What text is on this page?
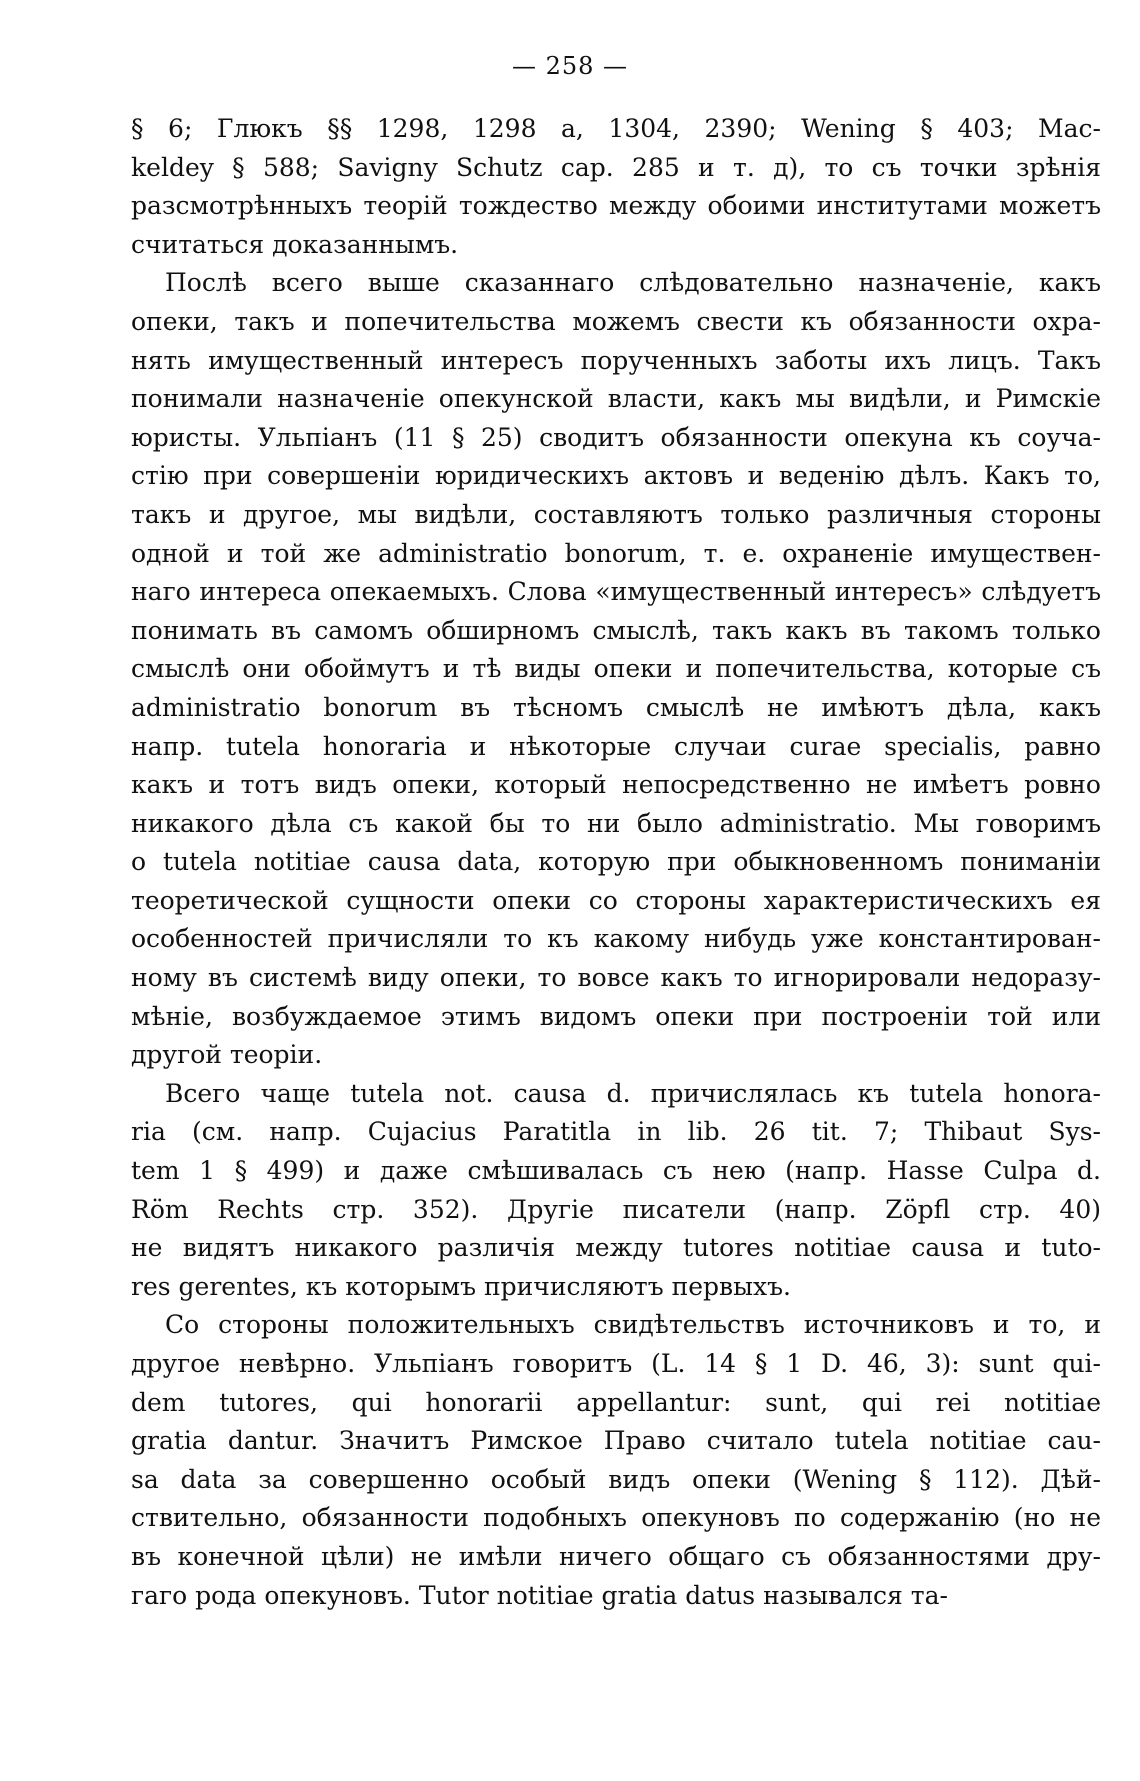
— 258 —
§ 6; Глюкъ §§ 1298, 1298 а, 1304, 2390; Wening § 403; Mac-
keldey § 588; Savigny Schutz cap. 285 и т. д), то съ точки зрѣнія
разсмотрѣнныхъ теорій тождество между обоими институтами можетъ
считаться доказаннымъ.
Послѣ всего выше сказаннаго слѣдовательно назначеніе, какъ
опеки, такъ и попечительства можемъ свести къ обязанности охра-
нять имущественный интересъ порученныхъ заботы ихъ лицъ. Такъ
понимали назначеніе опекунской власти, какъ мы видѣли, и Римскіе
юристы. Ульпіанъ (11 § 25) сводитъ обязанности опекуна къ соуча-
стію при совершеніи юридическихъ актовъ и веденію дѣлъ. Какъ то,
такъ и другое, мы видѣли, составляютъ только различныя стороны
одной и той же administratio bonorum, т. е. охраненіе имуществен-
наго интереса опекаемыхъ. Слова «имущественный интересъ» слѣдуетъ
понимать въ самомъ обширномъ смыслѣ, такъ какъ въ такомъ только
смыслѣ они обоймутъ и тѣ виды опеки и попечительства, которые съ
administratio bonorum въ тѣсномъ смыслѣ не имѣютъ дѣла, какъ
напр. tutela honoraria и нѣкоторые случаи curae specialis, равно
какъ и тотъ видъ опеки, который непосредственно не имѣетъ ровно
никакого дѣла съ какой бы то ни было administratio. Мы говоримъ
о tutela notitiae causa data, которую при обыкновенномъ пониманіи
теоретической сущности опеки со стороны характеристическихъ ея
особенностей причисляли то къ какому нибудь уже константирован-
ному въ системѣ виду опеки, то вовсе какъ то игнорировали недоразу-
мѣніе, возбуждаемое этимъ видомъ опеки при построеніи той или
другой теоріи.
Всего чаще tutela not. causa d. причислялась къ tutela honora-
ria (см. напр. Cujacius Paratitla in lib. 26 tit. 7; Thibaut Sys-
tem 1 § 499) и даже смѣшивалась съ нею (напр. Hasse Culpa d.
Röm Rechts стр. 352). Другіе писатели (напр. Zöpfl стр. 40)
не видятъ никакого различія между tutores notitiae causa и tuto-
res gerentes, къ которымъ причисляютъ первыхъ.
Со стороны положительныхъ свидѣтельствъ источниковъ и то, и
другое невѣрно. Ульпіанъ говоритъ (L. 14 § 1 D. 46, 3): sunt qui-
dem tutores, qui honorarii appellantur: sunt, qui rei notitiae
gratia dantur. Значитъ Римское Право считало tutela notitiae cau-
sa data за совершенно особый видъ опеки (Wening § 112). Дѣй-
ствительно, обязанности подобныхъ опекуновъ по содержанію (но не
въ конечной цѣли) не имѣли ничего общаго съ обязанностями дру-
гаго рода опекуновъ. Tutor notitiae gratia datus назывался та-
